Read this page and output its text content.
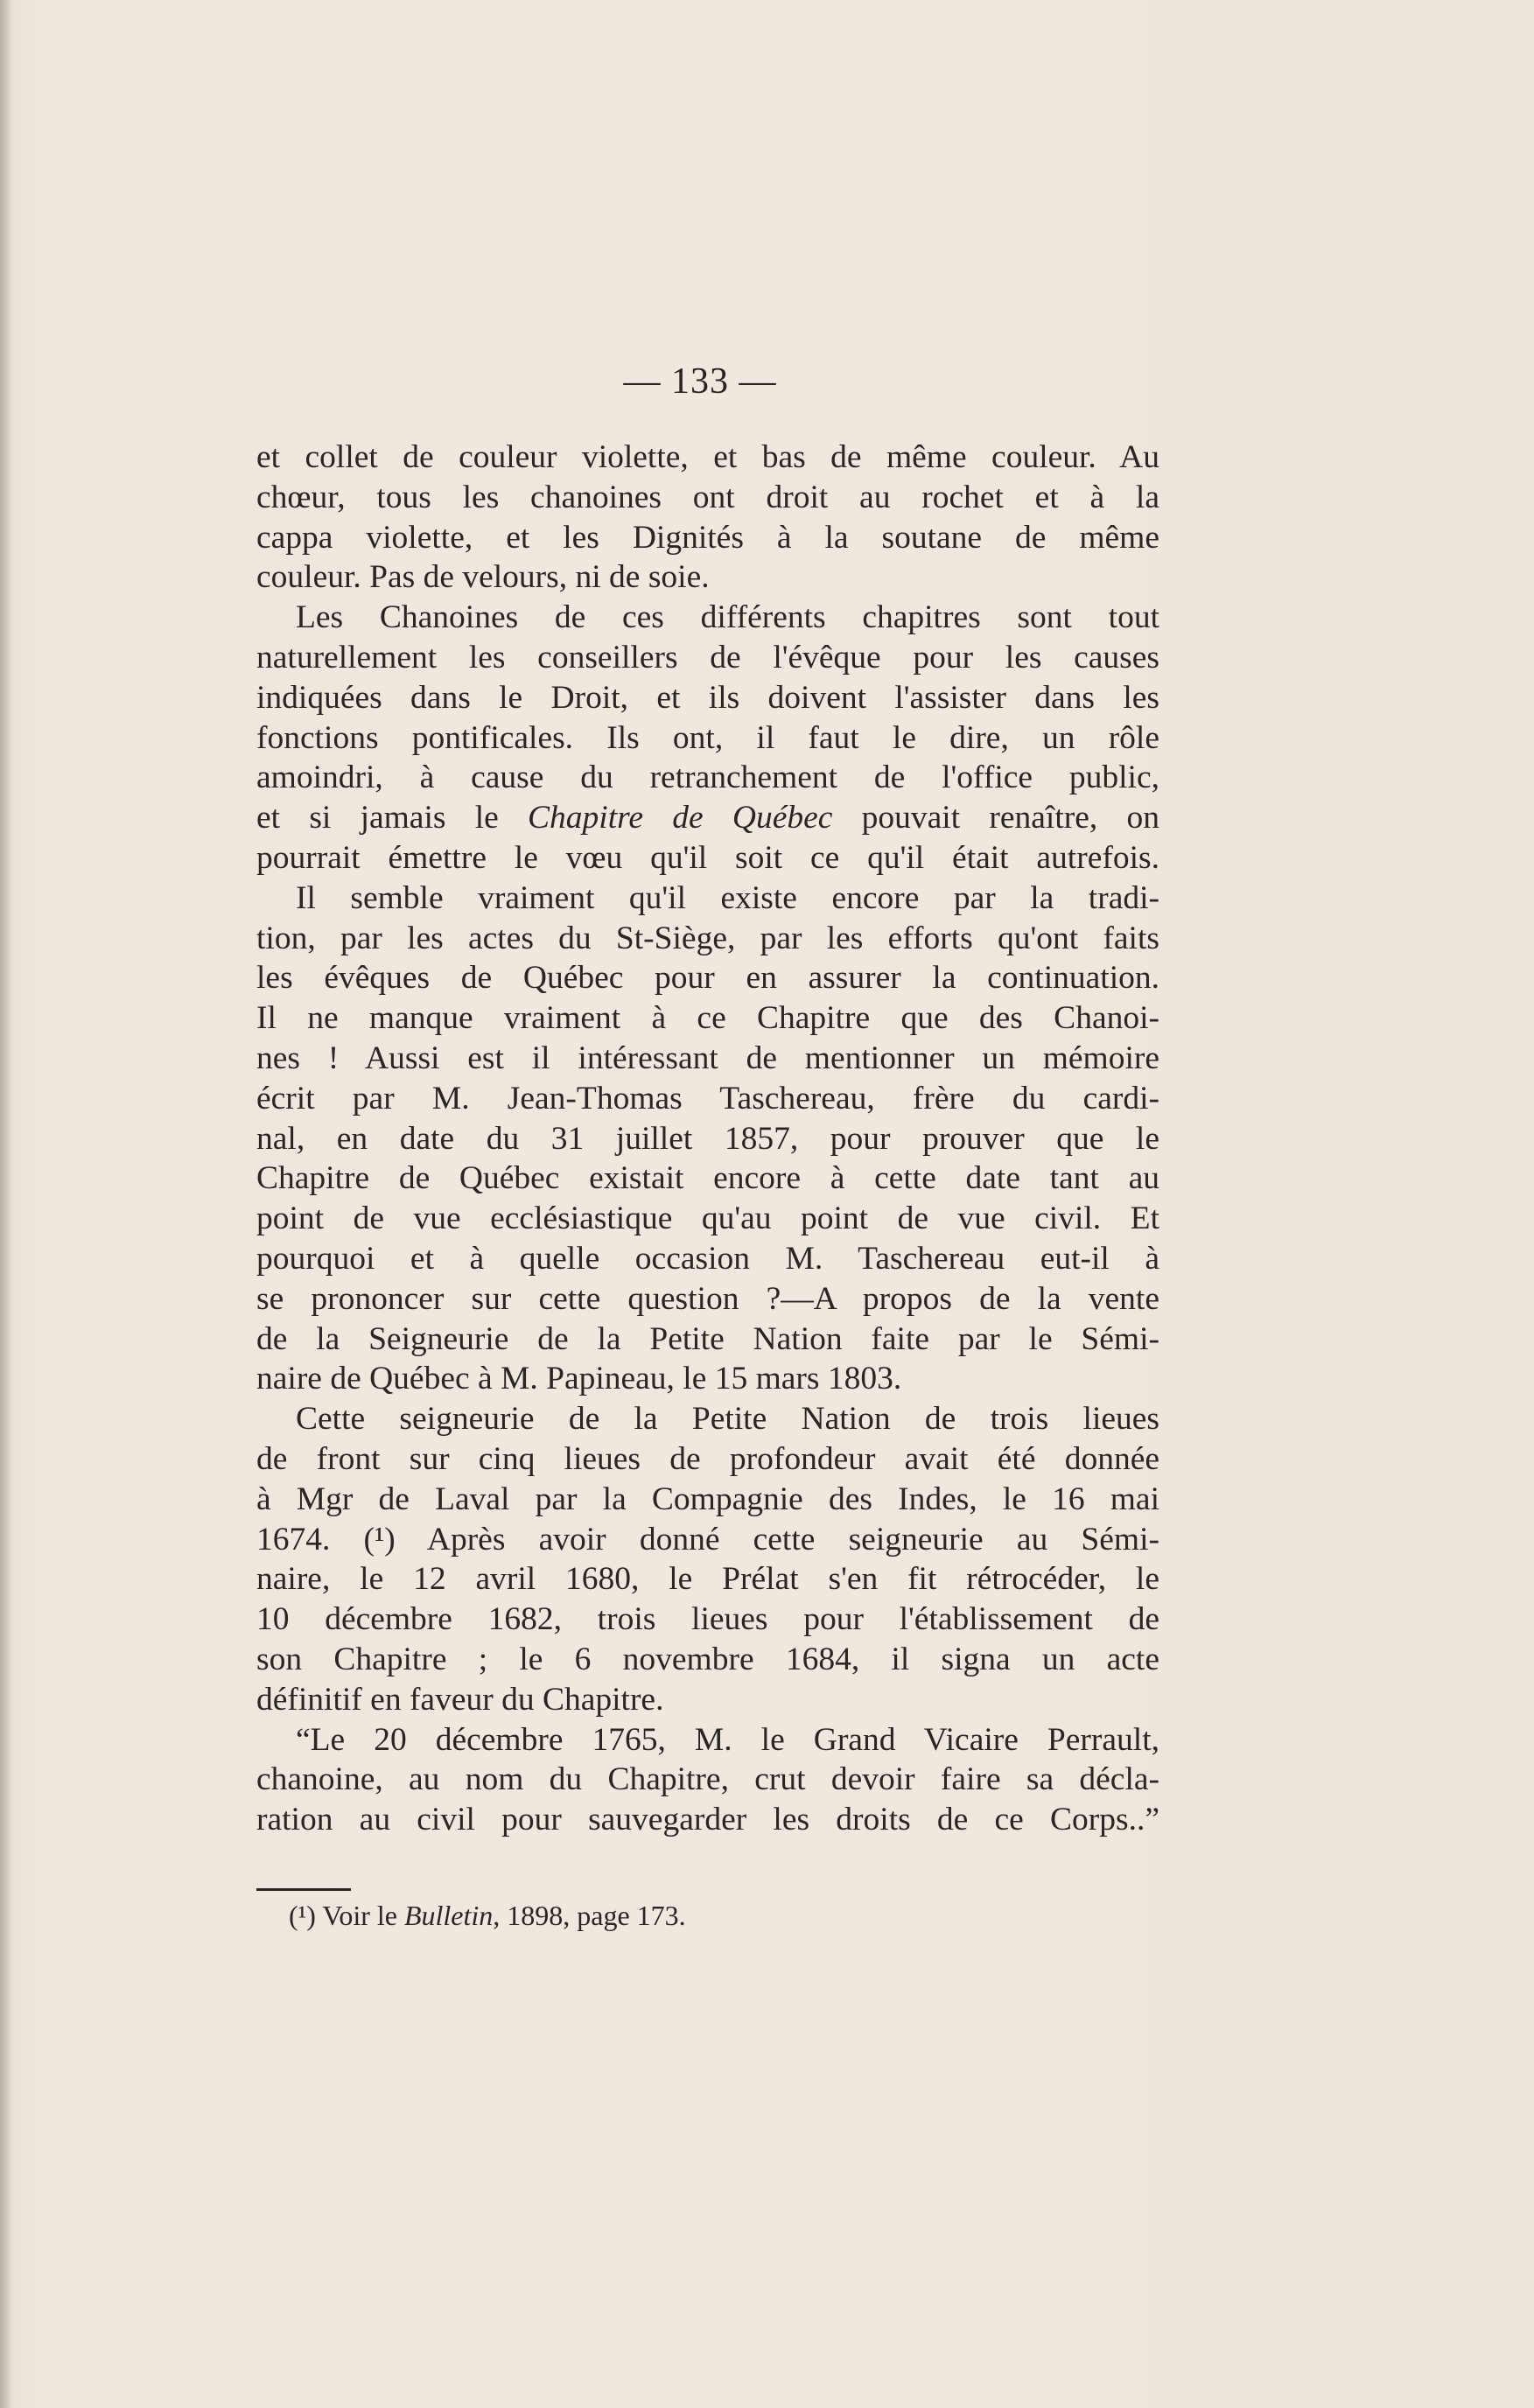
— 133 —
et collet de couleur violette, et bas de même couleur. Au
chœur, tous les chanoines ont droit au rochet et à la
cappa violette, et les Dignités à la soutane de même
couleur. Pas de velours, ni de soie.
Les Chanoines de ces différents chapitres sont tout
naturellement les conseillers de l'évêque pour les causes
indiquées dans le Droit, et ils doivent l'assister dans les
fonctions pontificales. Ils ont, il faut le dire, un rôle
amoindri, à cause du retranchement de l'office public,
et si jamais le Chapitre de Québec pouvait renaître, on
pourrait émettre le vœu qu'il soit ce qu'il était autrefois.
Il semble vraiment qu'il existe encore par la tradi-
tion, par les actes du St-Siège, par les efforts qu'ont faits
les évêques de Québec pour en assurer la continuation.
Il ne manque vraiment à ce Chapitre que des Chanoi-
nes ! Aussi est il intéressant de mentionner un mémoire
écrit par M. Jean-Thomas Taschereau, frère du cardi-
nal, en date du 31 juillet 1857, pour prouver que le
Chapitre de Québec existait encore à cette date tant au
point de vue ecclésiastique qu'au point de vue civil. Et
pourquoi et à quelle occasion M. Taschereau eut-il à
se prononcer sur cette question ?—A propos de la vente
de la Seigneurie de la Petite Nation faite par le Sémi-
naire de Québec à M. Papineau, le 15 mars 1803.
Cette seigneurie de la Petite Nation de trois lieues
de front sur cinq lieues de profondeur avait été donnée
à Mgr de Laval par la Compagnie des Indes, le 16 mai
1674. (¹) Après avoir donné cette seigneurie au Sémi-
naire, le 12 avril 1680, le Prélat s'en fit rétrocéder, le
10 décembre 1682, trois lieues pour l'établissement de
son Chapitre ; le 6 novembre 1684, il signa un acte
définitif en faveur du Chapitre.
“Le 20 décembre 1765, M. le Grand Vicaire Perrault,
chanoine, au nom du Chapitre, crut devoir faire sa décla-
ration au civil pour sauvegarder les droits de ce Corps..”
(¹) Voir le Bulletin, 1898, page 173.
